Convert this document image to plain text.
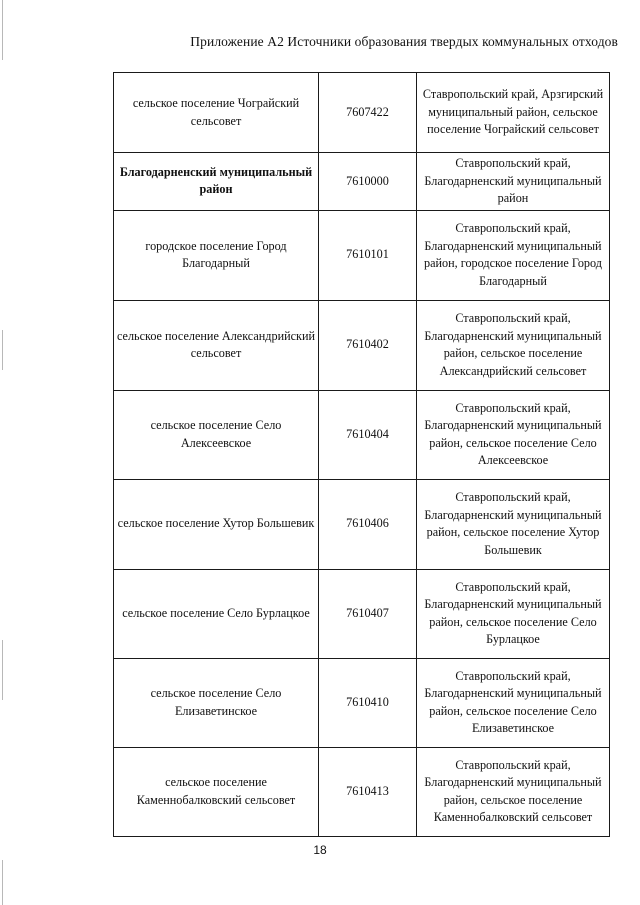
Приложение А2 Источники образования твердых коммунальных отходов
сельское поселение Чограйский сельсовет	7607422	Ставропольский край, Арзгирский муниципальный район, сельское поселение Чограйский сельсовет
Благодарненский муниципальный район	7610000	Ставропольский край, Благодарненский муниципальный район
городское поселение Город Благодарный	7610101	Ставропольский край, Благодарненский муниципальный район, городское поселение Город Благодарный
сельское поселение Александрийский сельсовет	7610402	Ставропольский край, Благодарненский муниципальный район, сельское поселение Александрийский сельсовет
сельское поселение Село Алексеевское	7610404	Ставропольский край, Благодарненский муниципальный район, сельское поселение Село Алексеевское
сельское поселение Хутор Большевик	7610406	Ставропольский край, Благодарненский муниципальный район, сельское поселение Хутор Большевик
сельское поселение Село Бурлацкое	7610407	Ставропольский край, Благодарненский муниципальный район, сельское поселение Село Бурлацкое
сельское поселение Село Елизаветинское	7610410	Ставропольский край, Благодарненский муниципальный район, сельское поселение Село Елизаветинское
сельское поселение Каменнобалковский сельсовет	7610413	Ставропольский край, Благодарненский муниципальный район, сельское поселение Каменнобалковский сельсовет
18
